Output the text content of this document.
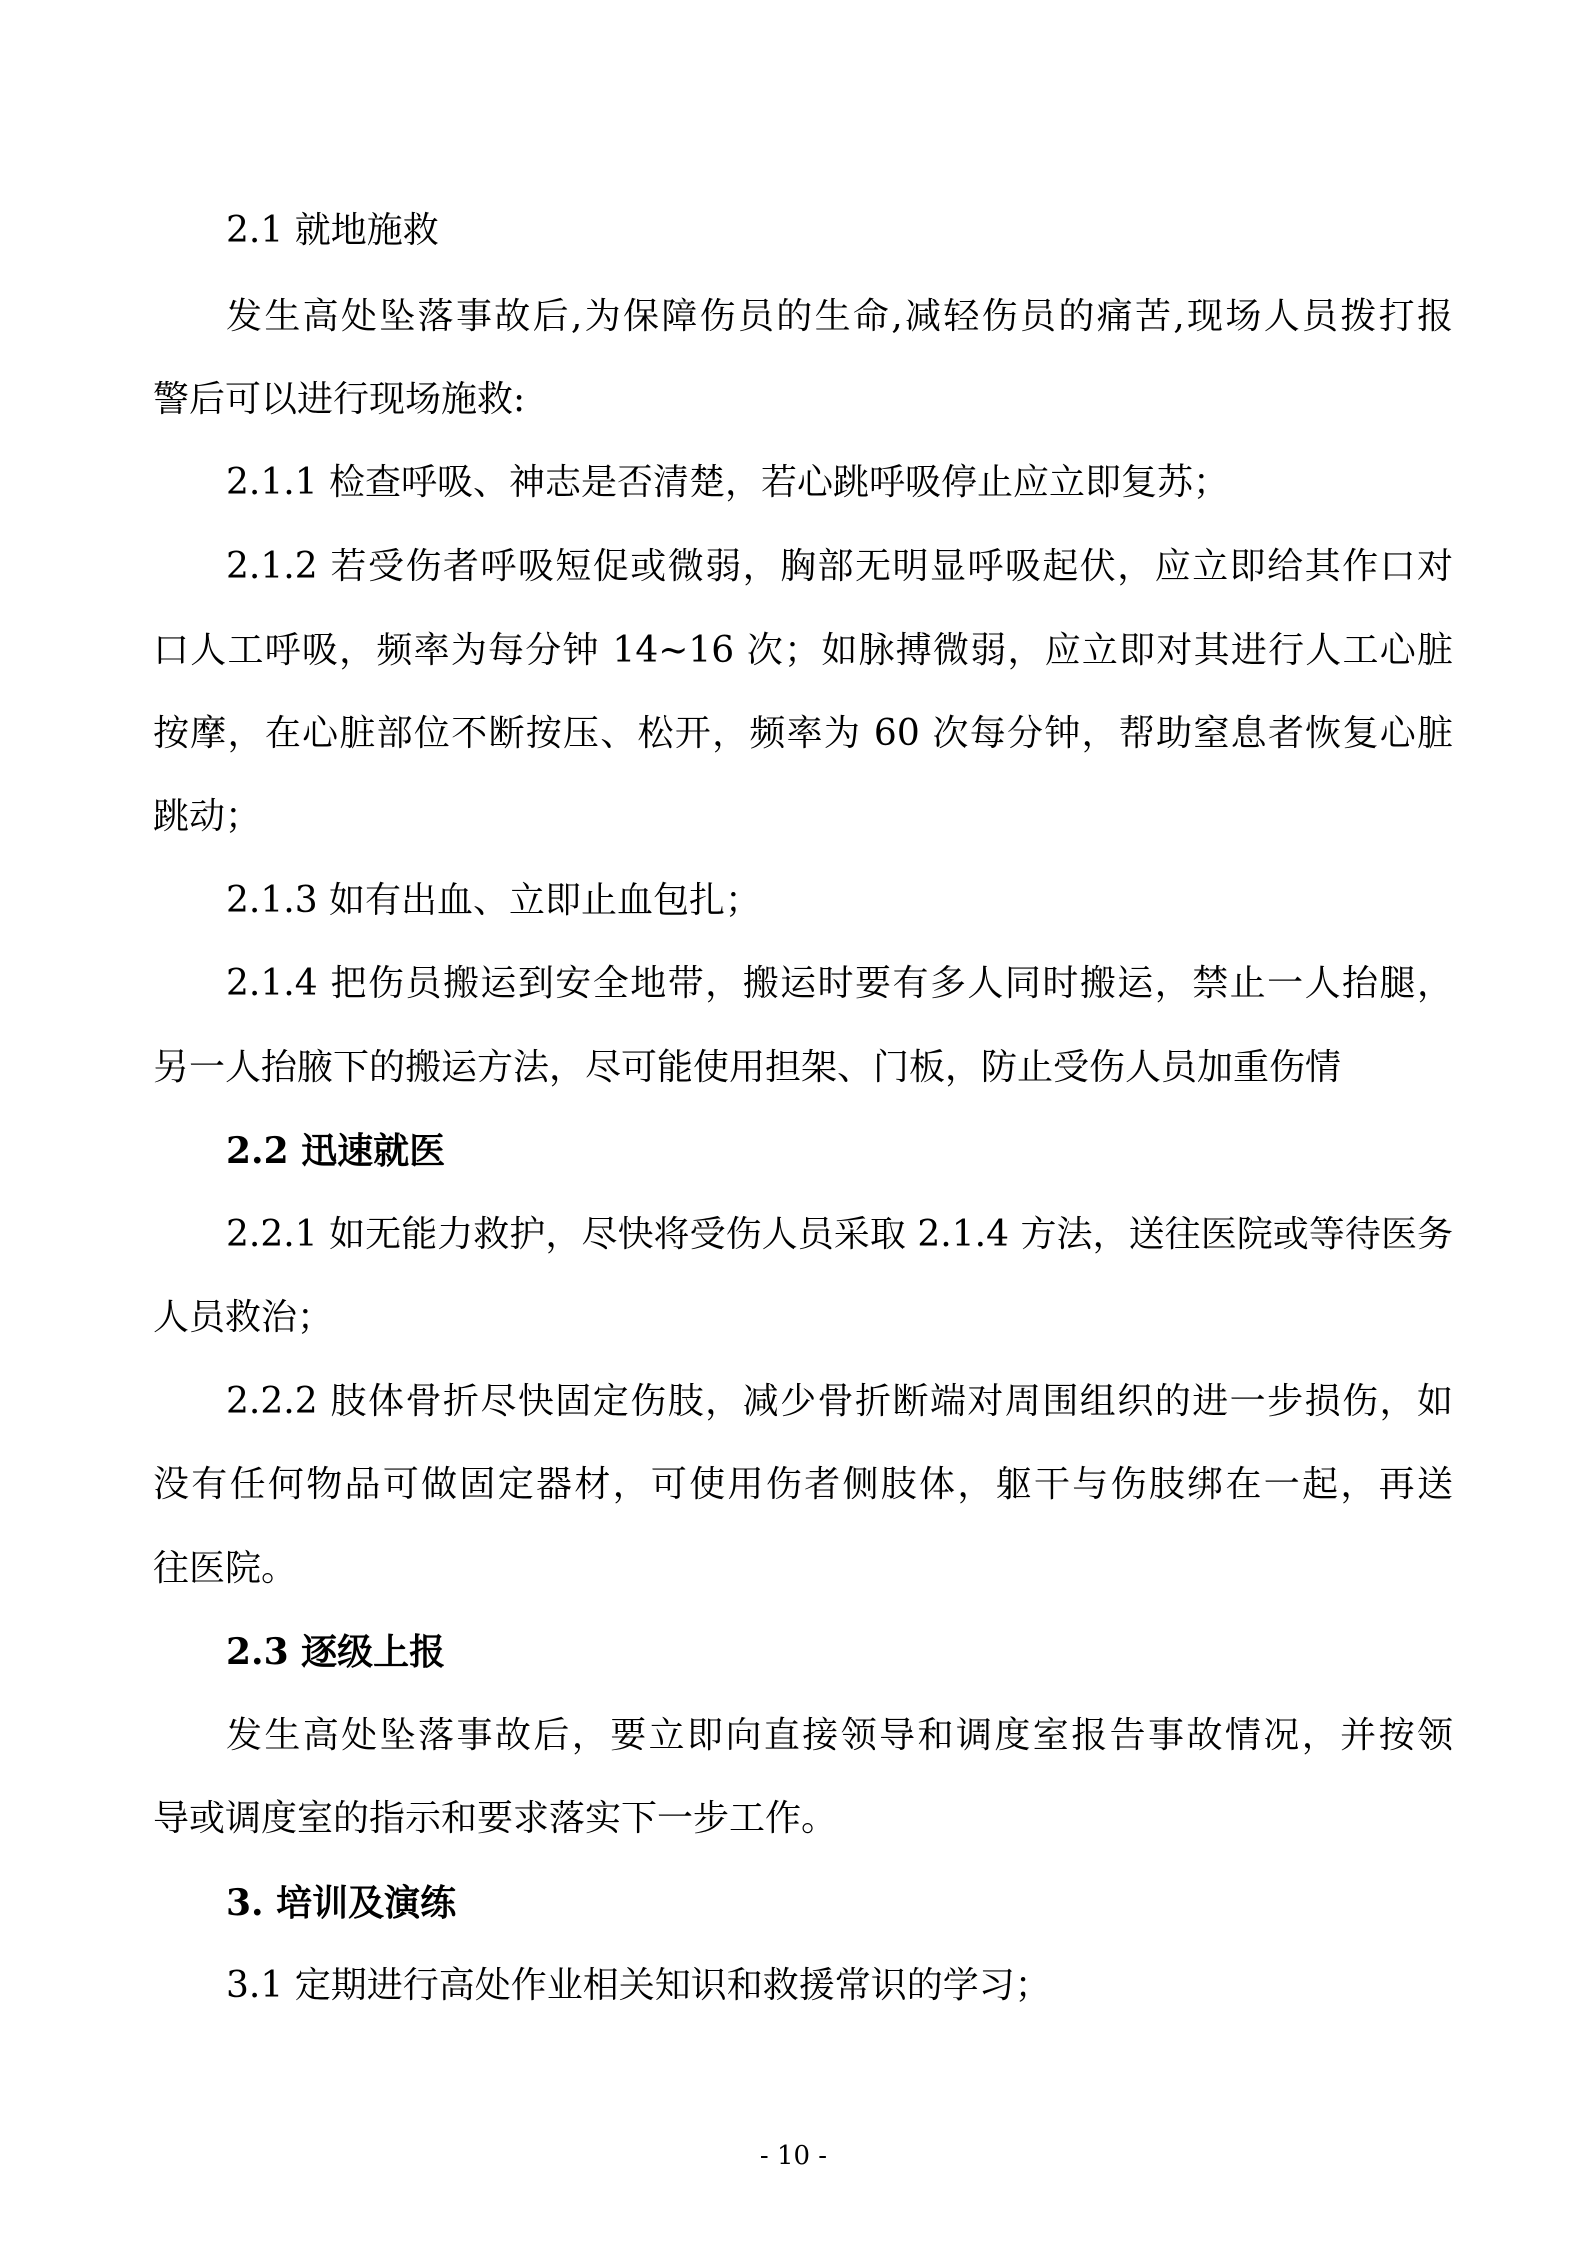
2.1 就地施救
发生高处坠落事故后,为保障伤员的生命,减轻伤员的痛苦,现场人员拨打报
警后可以进行现场施救:
2.1.1 检查呼吸、神志是否清楚，若心跳呼吸停止应立即复苏；
2.1.2 若受伤者呼吸短促或微弱，胸部无明显呼吸起伏，应立即给其作口对
口人工呼吸，频率为每分钟 14~16 次；如脉搏微弱，应立即对其进行人工心脏
按摩，在心脏部位不断按压、松开，频率为 60 次每分钟，帮助窒息者恢复心脏
跳动；
2.1.3 如有出血、立即止血包扎；
2.1.4 把伤员搬运到安全地带，搬运时要有多人同时搬运，禁止一人抬腿，
另一人抬腋下的搬运方法，尽可能使用担架、门板，防止受伤人员加重伤情
2.2 迅速就医
2.2.1 如无能力救护，尽快将受伤人员采取 2.1.4 方法，送往医院或等待医务
人员救治；
2.2.2 肢体骨折尽快固定伤肢，减少骨折断端对周围组织的进一步损伤，如
没有任何物品可做固定器材，可使用伤者侧肢体，躯干与伤肢绑在一起，再送
往医院。
2.3 逐级上报
发生高处坠落事故后，要立即向直接领导和调度室报告事故情况，并按领
导或调度室的指示和要求落实下一步工作。
3. 培训及演练
3.1 定期进行高处作业相关知识和救援常识的学习；
- 10 -
